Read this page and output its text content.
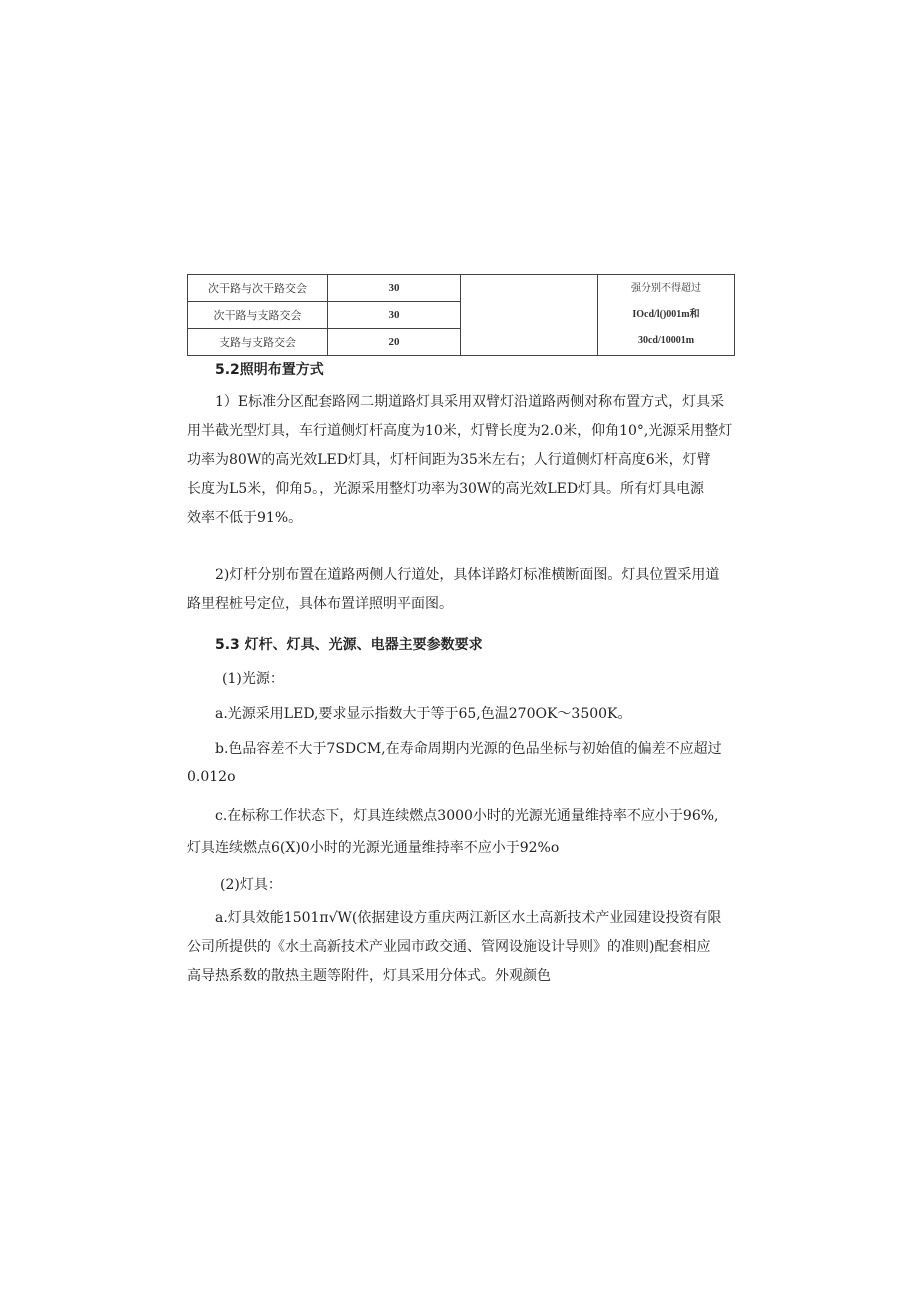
次干路与次干路交会	30		强分别不得超过
IOcd/l()001m和
30cd/10001m

次干路与支路交会	30		
支路与支路交会	20		
5.2照明布置方式
1）E标准分区配套路网二期道路灯具采用双臂灯沿道路两侧对称布置方式，灯具采
用半截光型灯具，车行道侧灯杆高度为10米，灯臂长度为2.0米，仰角10°,光源采用整灯
功率为80W的高光效LED灯具，灯杆间距为35米左右；人行道侧灯杆高度6米，灯臂
长度为L5米，仰角5。，光源采用整灯功率为30W的高光效LED灯具。所有灯具电源
效率不低于91%。
2)灯杆分别布置在道路两侧人行道处，具体详路灯标准横断面图。灯具位置采用道
路里程桩号定位，具体布置详照明平面图。
5.3 灯杆、灯具、光源、电器主要参数要求
(1)光源：
a.光源采用LED,要求显示指数大于等于65,色温270OK～3500K。
b.色品容差不大于7SDCM,在寿命周期内光源的色品坐标与初始值的偏差不应超过
0.012o
c.在标称工作状态下，灯具连续燃点3000小时的光源光通量维持率不应小于96%,
灯具连续燃点6(X)0小时的光源光通量维持率不应小于92%o
(2)灯具：
a.灯具效能1501π√W(依据建设方重庆两江新区水土高新技术产业园建设投资有限
公司所提供的《水土高新技术产业园市政交通、管网设施设计导则》的准则)配套相应
高导热系数的散热主题等附件，灯具采用分体式。外观颜色
